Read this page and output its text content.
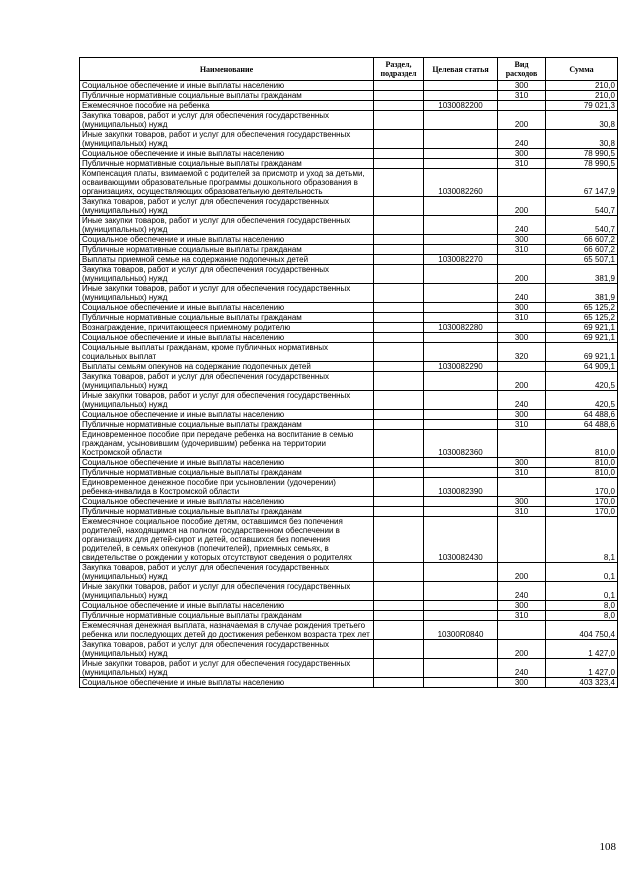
Наименование	Раздел, подраздел	Целевая статья	Вид расходов	Сумма
Социальное обеспечение и иные выплаты населению			300	210,0
Публичные нормативные социальные выплаты гражданам			310	210,0
Ежемесячное пособие на ребенка		1030082200		79 021,3
Закупка товаров, работ и услуг для обеспечения государственных (муниципальных) нужд			200	30,8
Иные закупки товаров, работ и услуг для обеспечения государственных (муниципальных) нужд			240	30,8
Социальное обеспечение и иные выплаты населению			300	78 990,5
Публичные нормативные социальные выплаты гражданам			310	78 990,5
Компенсация платы, взимаемой с родителей за присмотр и уход за детьми, осваивающими образовательные программы дошкольного образования в организациях, осуществляющих образовательную деятельность		1030082260		67 147,9
Закупка товаров, работ и услуг для обеспечения государственных (муниципальных) нужд			200	540,7
Иные закупки товаров, работ и услуг для обеспечения государственных (муниципальных) нужд			240	540,7
Социальное обеспечение и иные выплаты населению			300	66 607,2
Публичные нормативные социальные выплаты гражданам			310	66 607,2
Выплаты приемной семье на содержание подопечных детей		1030082270		65 507,1
Закупка товаров, работ и услуг для обеспечения государственных (муниципальных) нужд			200	381,9
Иные закупки товаров, работ и услуг для обеспечения государственных (муниципальных) нужд			240	381,9
Социальное обеспечение и иные выплаты населению			300	65 125,2
Публичные нормативные социальные выплаты гражданам			310	65 125,2
Вознаграждение, причитающееся приемному родителю		1030082280		69 921,1
Социальное обеспечение и иные выплаты населению			300	69 921,1
Социальные выплаты гражданам, кроме публичных нормативных социальных выплат			320	69 921,1
Выплаты семьям опекунов на содержание подопечных детей		1030082290		64 909,1
Закупка товаров, работ и услуг для обеспечения государственных (муниципальных) нужд			200	420,5
Иные закупки товаров, работ и услуг для обеспечения государственных (муниципальных) нужд			240	420,5
Социальное обеспечение и иные выплаты населению			300	64 488,6
Публичные нормативные социальные выплаты гражданам			310	64 488,6
Единовременное пособие при передаче ребенка на воспитание в семью гражданам, усыновившим (удочерившим) ребенка на территории Костромской области		1030082360		810,0
Социальное обеспечение и иные выплаты населению			300	810,0
Публичные нормативные социальные выплаты гражданам			310	810,0
Единовременное денежное пособие при усыновлении (удочерении) ребенка-инвалида в Костромской области		1030082390		170,0
Социальное обеспечение и иные выплаты населению			300	170,0
Публичные нормативные социальные выплаты гражданам			310	170,0
Ежемесячное социальное пособие детям, оставшимся без попечения родителей, находящимся на полном государственном обеспечении в организациях для детей-сирот и детей, оставшихся без попечения родителей, в семьях опекунов (попечителей), приемных семьях, в свидетельстве о рождении у которых отсутствуют сведения о родителях		1030082430		8,1
Закупка товаров, работ и услуг для обеспечения государственных (муниципальных) нужд			200	0,1
Иные закупки товаров, работ и услуг для обеспечения государственных (муниципальных) нужд			240	0,1
Социальное обеспечение и иные выплаты населению			300	8,0
Публичные нормативные социальные выплаты гражданам			310	8,0
Ежемесячная денежная выплата, назначаемая в случае рождения третьего ребенка или последующих детей до достижения ребенком возраста трех лет		10300R0840		404 750,4
Закупка товаров, работ и услуг для обеспечения государственных (муниципальных) нужд			200	1 427,0
Иные закупки товаров, работ и услуг для обеспечения государственных (муниципальных) нужд			240	1 427,0
Социальное обеспечение и иные выплаты населению			300	403 323,4
108
